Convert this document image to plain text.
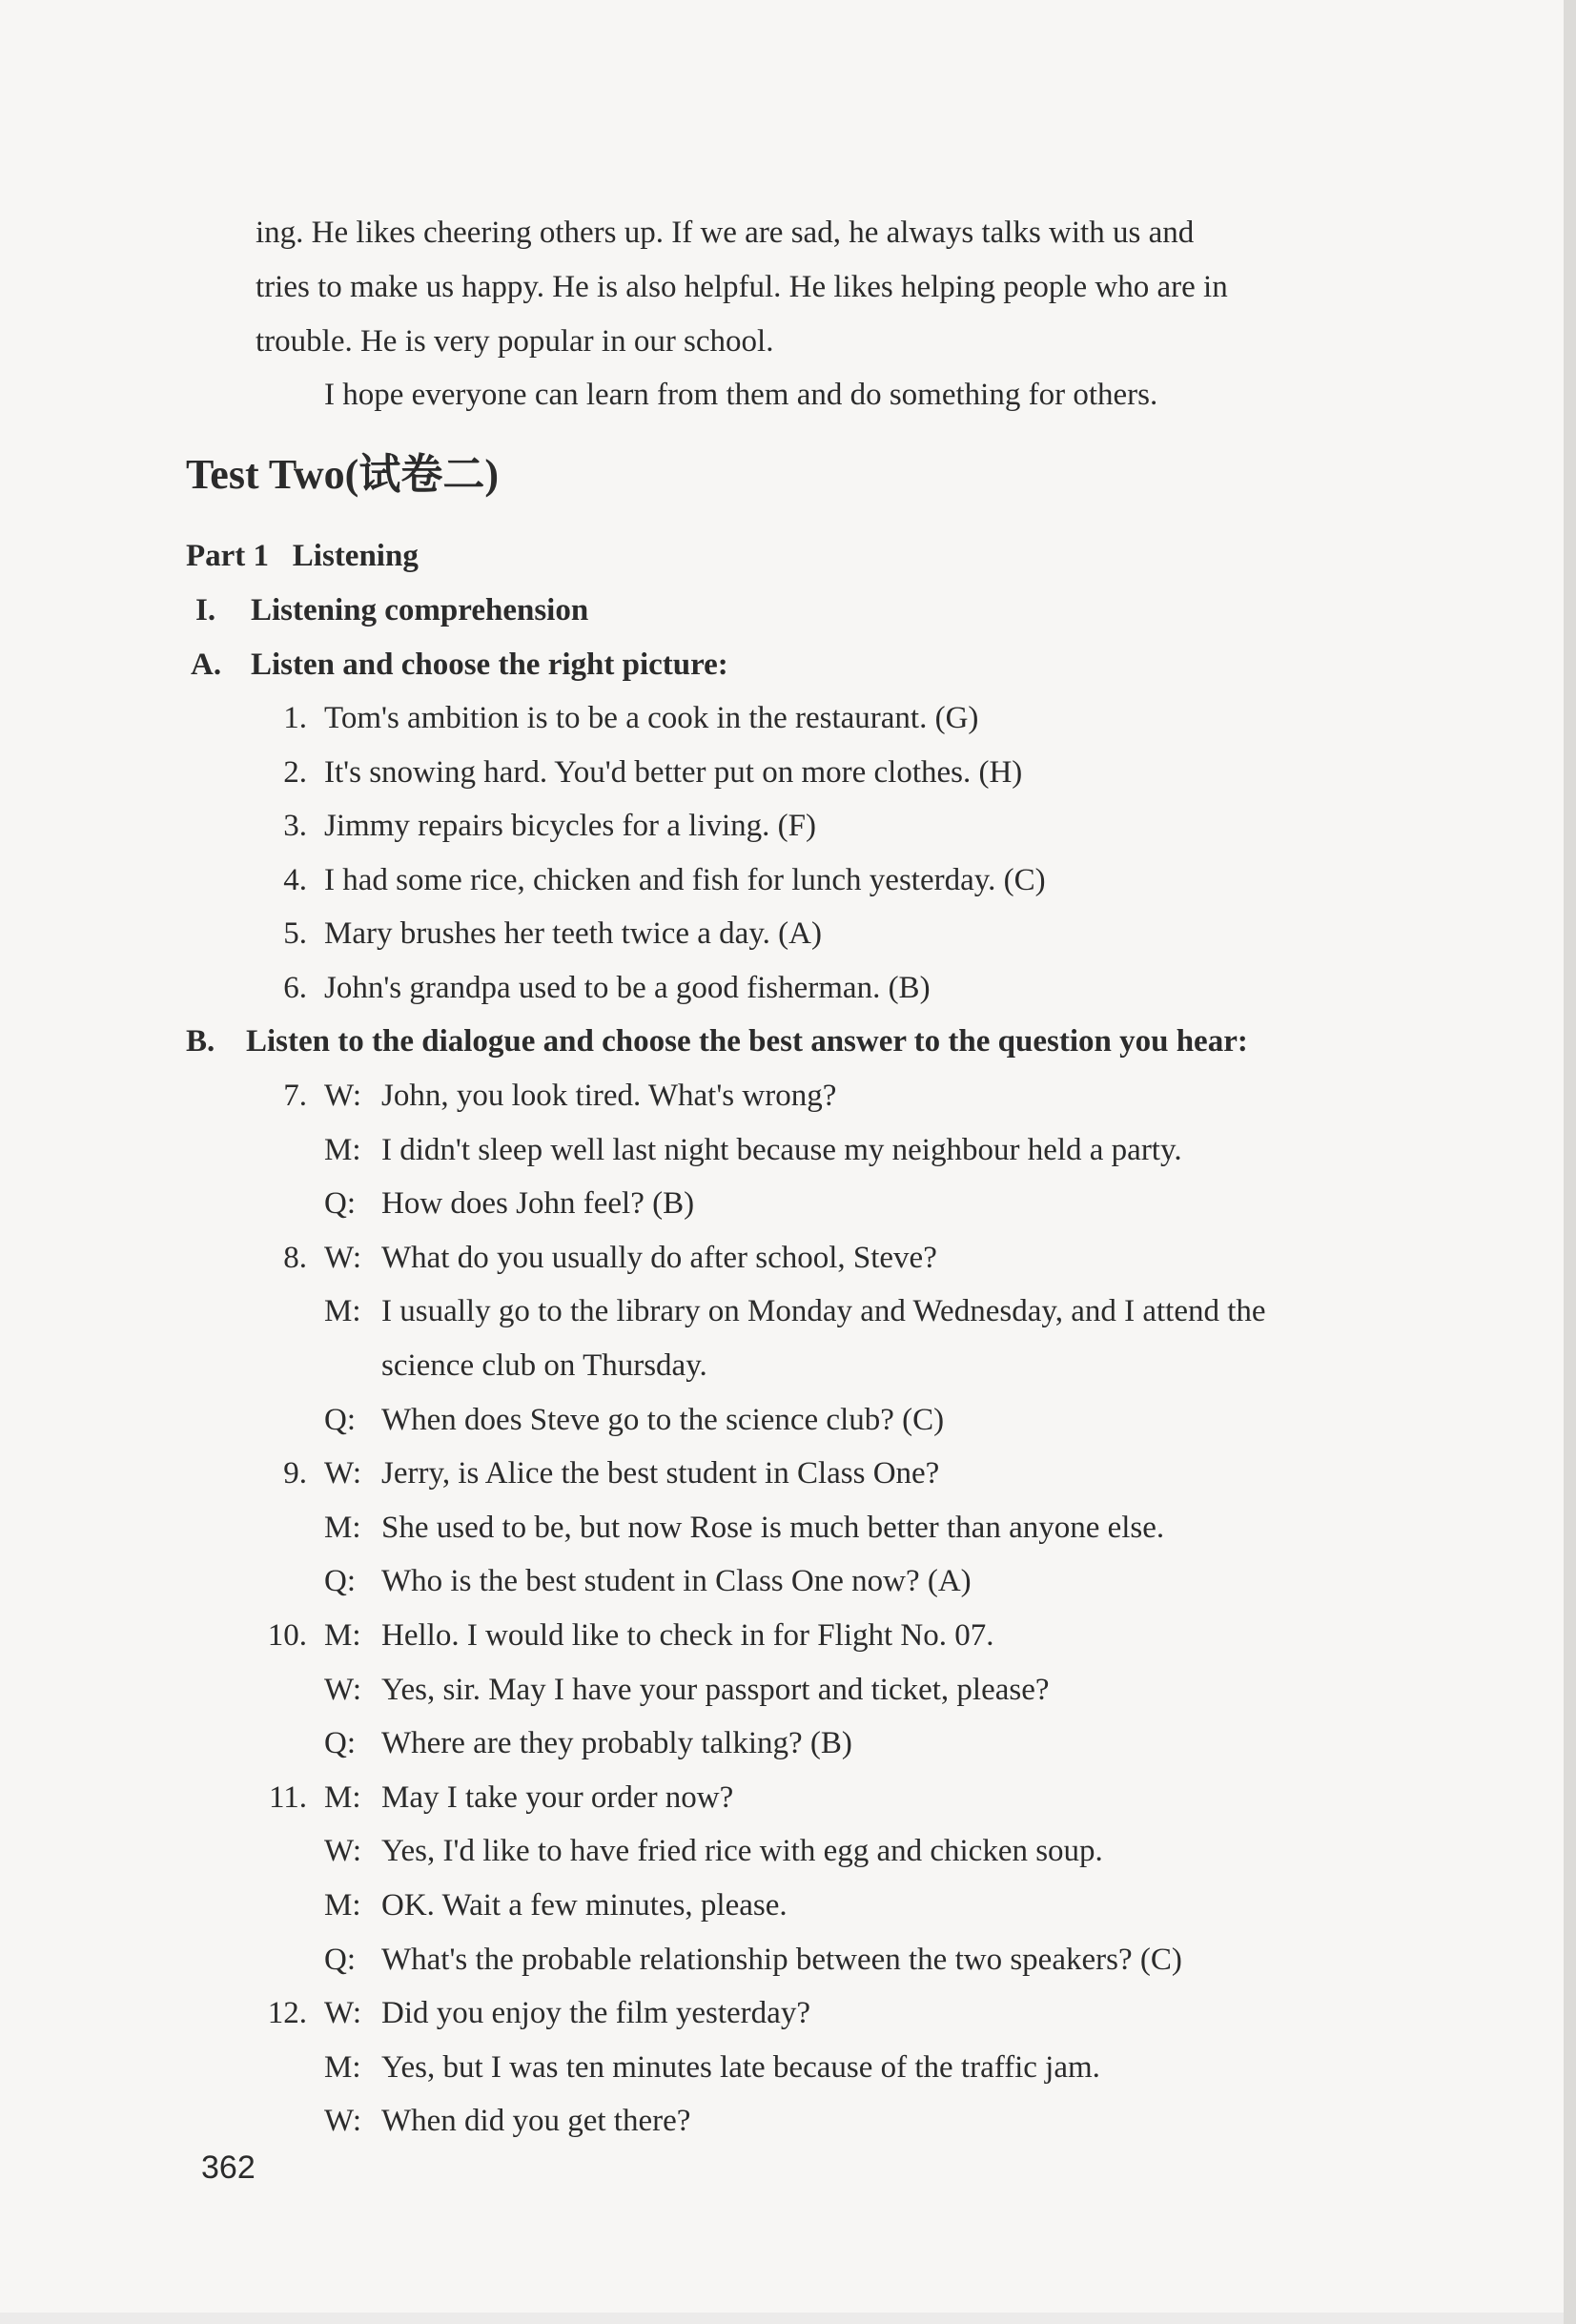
ing. He likes cheering others up. If we are sad, he always talks with us and
tries to make us happy. He is also helpful. He likes helping people who are in
trouble. He is very popular in our school.
I hope everyone can learn from them and do something for others.
Test Two(试卷二)
Part 1   Listening
I. Listening comprehension
A. Listen and choose the right picture:
1. Tom's ambition is to be a cook in the restaurant. (G)
2. It's snowing hard. You'd better put on more clothes. (H)
3. Jimmy repairs bicycles for a living. (F)
4. I had some rice, chicken and fish for lunch yesterday. (C)
5. Mary brushes her teeth twice a day. (A)
6. John's grandpa used to be a good fisherman. (B)
B. Listen to the dialogue and choose the best answer to the question you hear:
7. W: John, you look tired. What's wrong?
M: I didn't sleep well last night because my neighbour held a party.
Q: How does John feel? (B)
8. W: What do you usually do after school, Steve?
M: I usually go to the library on Monday and Wednesday, and I attend the
science club on Thursday.
Q: When does Steve go to the science club? (C)
9. W: Jerry, is Alice the best student in Class One?
M: She used to be, but now Rose is much better than anyone else.
Q: Who is the best student in Class One now? (A)
10. M: Hello. I would like to check in for Flight No. 07.
W: Yes, sir. May I have your passport and ticket, please?
Q: Where are they probably talking? (B)
11. M: May I take your order now?
W: Yes, I'd like to have fried rice with egg and chicken soup.
M: OK. Wait a few minutes, please.
Q: What's the probable relationship between the two speakers? (C)
12. W: Did you enjoy the film yesterday?
M: Yes, but I was ten minutes late because of the traffic jam.
W: When did you get there?
362
